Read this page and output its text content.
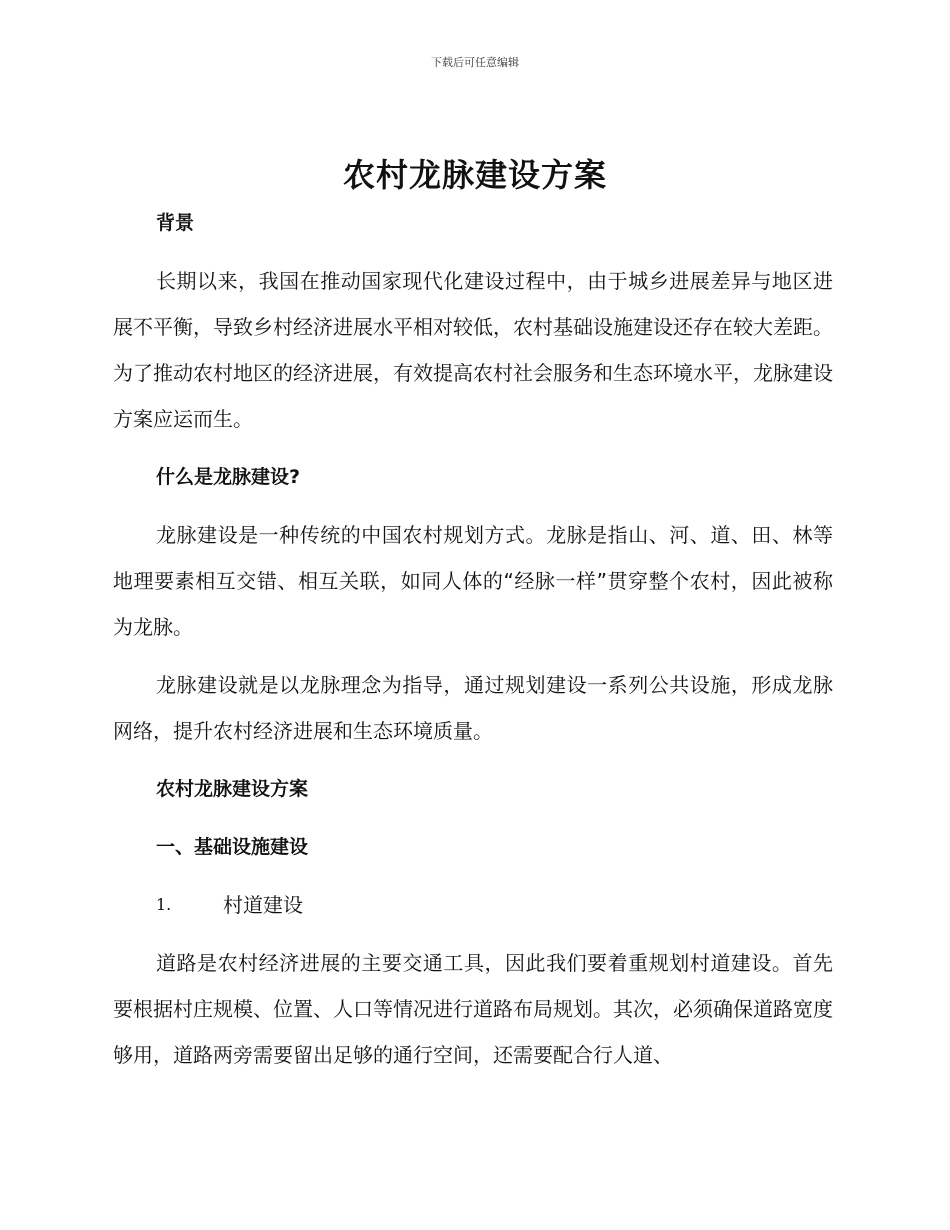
下载后可任意编辑
农村龙脉建设方案
背景

长期以来，我国在推动国家现代化建设过程中，由于城乡进展差异与地区进展不平衡，导致乡村经济进展水平相对较低，农村基础设施建设还存在较大差距。为了推动农村地区的经济进展，有效提高农村社会服务和生态环境水平，龙脉建设方案应运而生。

什么是龙脉建设?

龙脉建设是一种传统的中国农村规划方式。龙脉是指山、河、道、田、林等地理要素相互交错、相互关联，如同人体的“经脉一样”贯穿整个农村，因此被称为龙脉。

龙脉建设就是以龙脉理念为指导，通过规划建设一系列公共设施，形成龙脉网络，提升农村经济进展和生态环境质量。

农村龙脉建设方案
一、基础设施建设
1.	村道建设

道路是农村经济进展的主要交通工具，因此我们要着重规划村道建设。首先要根据村庄规模、位置、人口等情况进行道路布局规划。其次，必须确保道路宽度够用，道路两旁需要留出足够的通行空间，还需要配合行人道、
